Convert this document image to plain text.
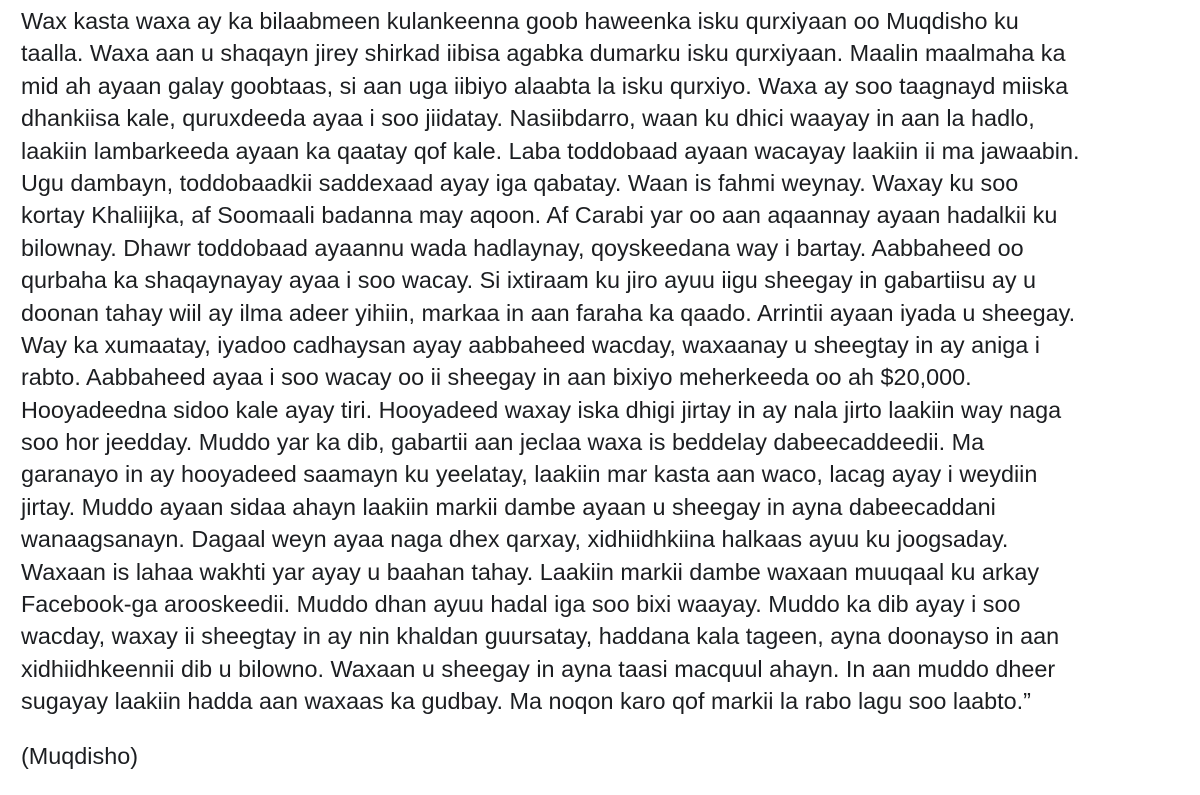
Wax kasta waxa ay ka bilaabmeen kulankeenna goob haweenka isku qurxiyaan oo Muqdisho ku
taalla. Waxa aan u shaqayn jirey shirkad iibisa agabka dumarku isku qurxiyaan. Maalin maalmaha ka
mid ah ayaan galay goobtaas, si aan uga iibiyo alaabta la isku qurxiyo. Waxa ay soo taagnayd miiska
dhankiisa kale, quruxdeeda ayaa i soo jiidatay. Nasiibdarro, waan ku dhici waayay in aan la hadlo,
laakiin lambarkeeda ayaan ka qaatay qof kale. Laba toddobaad ayaan wacayay laakiin ii ma jawaabin.
Ugu dambayn, toddobaadkii saddexaad ayay iga qabatay. Waan is fahmi weynay. Waxay ku soo
kortay Khaliijka, af Soomaali badanna may aqoon. Af Carabi yar oo aan aqaannay ayaan hadalkii ku
bilownay. Dhawr toddobaad ayaannu wada hadlaynay, qoyskeedana way i bartay. Aabbaheed oo
qurbaha ka shaqaynayay ayaa i soo wacay. Si ixtiraam ku jiro ayuu iigu sheegay in gabartiisu ay u
doonan tahay wiil ay ilma adeer yihiin, markaa in aan faraha ka qaado. Arrintii ayaan iyada u sheegay.
Way ka xumaatay, iyadoo cadhaysan ayay aabbaheed wacday, waxaanay u sheegtay in ay aniga i
rabto. Aabbaheed ayaa i soo wacay oo ii sheegay in aan bixiyo meherkeeda oo ah $20,000.
Hooyadeedna sidoo kale ayay tiri. Hooyadeed waxay iska dhigi jirtay in ay nala jirto laakiin way naga
soo hor jeedday. Muddo yar ka dib, gabartii aan jeclaa waxa is beddelay dabeecaddeedii. Ma
garanayo in ay hooyadeed saamayn ku yeelatay, laakiin mar kasta aan waco, lacag ayay i weydiin
jirtay. Muddo ayaan sidaa ahayn laakiin markii dambe ayaan u sheegay in ayna dabeecaddani
wanaagsanayn. Dagaal weyn ayaa naga dhex qarxay, xidhiidhkiina halkaas ayuu ku joogsaday.
Waxaan is lahaa wakhti yar ayay u baahan tahay. Laakiin markii dambe waxaan muuqaal ku arkay
Facebook-ga arooskeedii. Muddo dhan ayuu hadal iga soo bixi waayay. Muddo ka dib ayay i soo
wacday, waxay ii sheegtay in ay nin khaldan guursatay, haddana kala tageen, ayna doonayso in aan
xidhiidhkeennii dib u bilowno. Waxaan u sheegay in ayna taasi macquul ahayn. In aan muddo dheer
sugayay laakiin hadda aan waxaas ka gudbay. Ma noqon karo qof markii la rabo lagu soo laabto.”
(Muqdisho)
